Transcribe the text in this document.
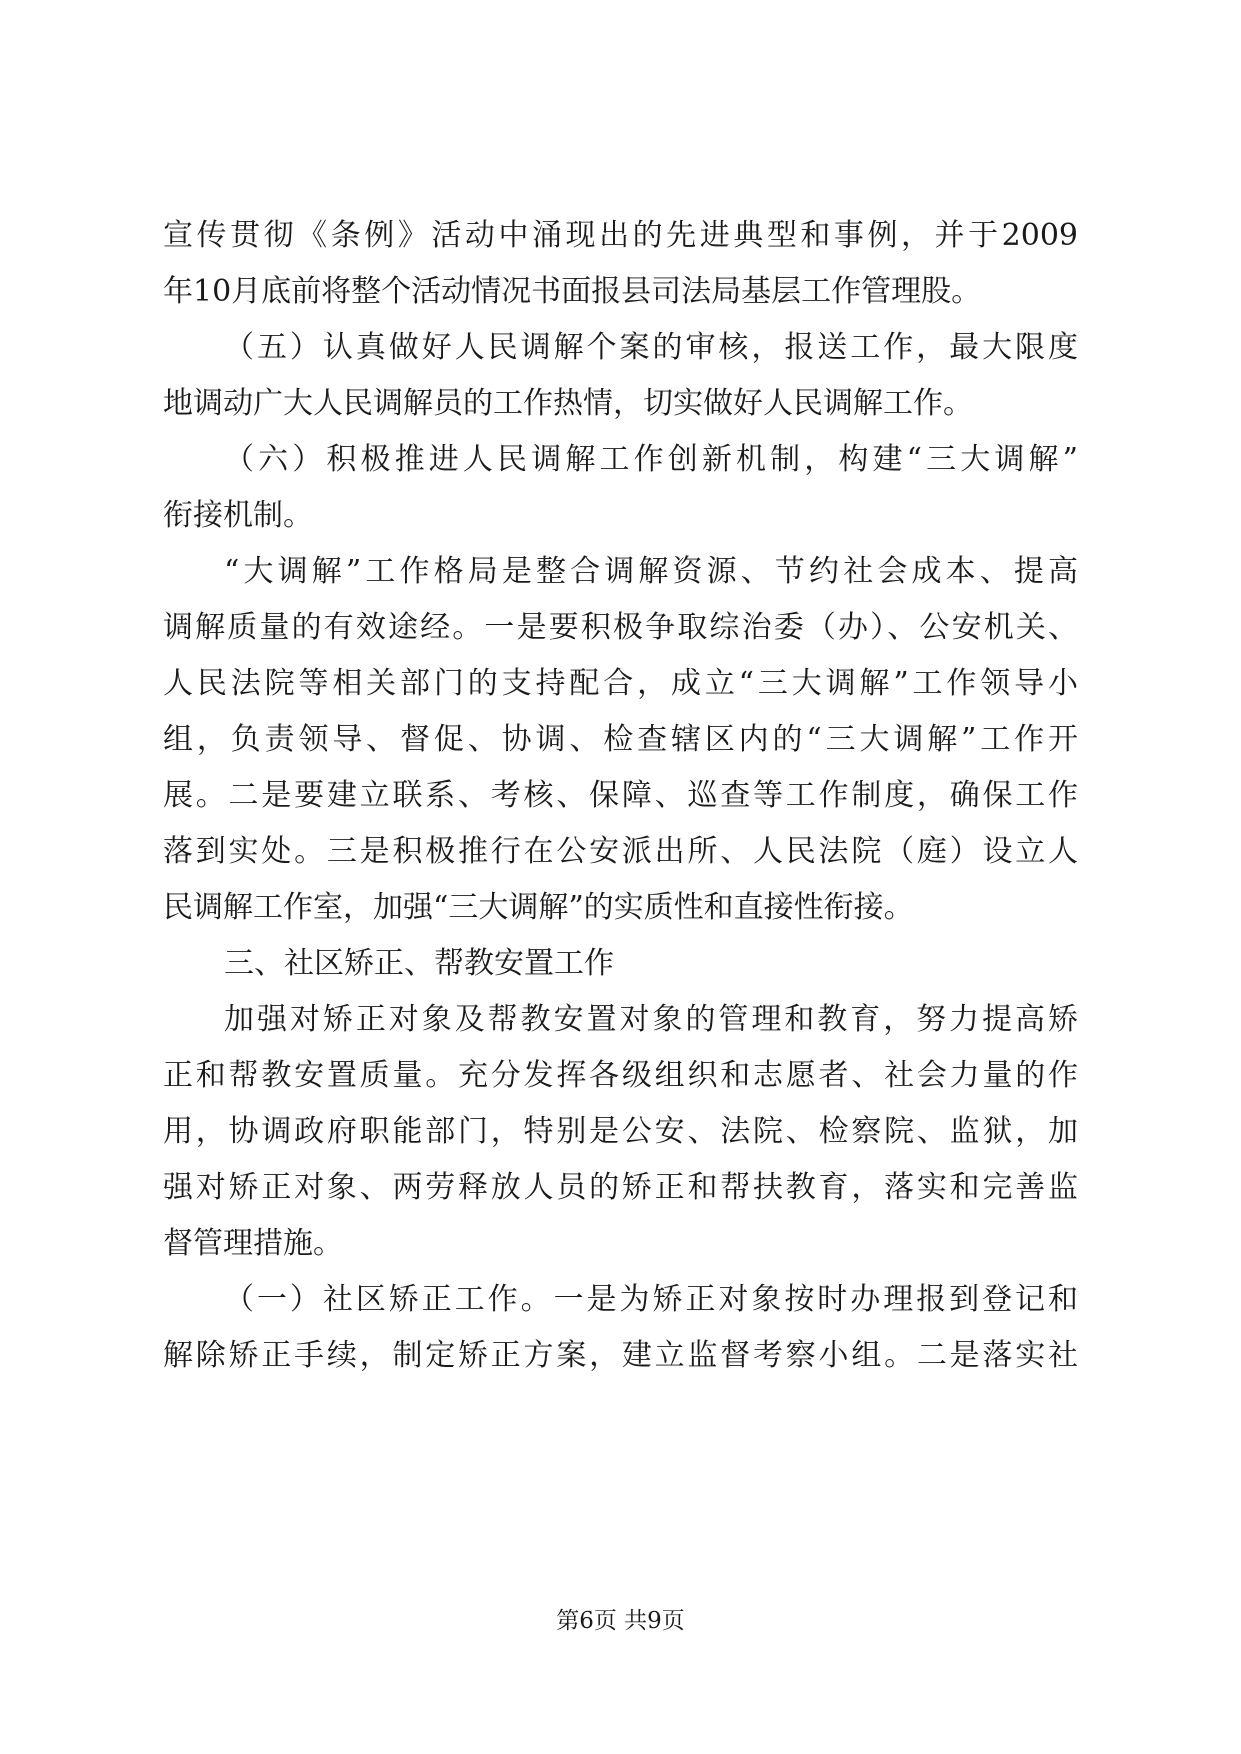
宣传贯彻《条例》活动中涌现出的先进典型和事例，并于2009
年10月底前将整个活动情况书面报县司法局基层工作管理股。
（五）认真做好人民调解个案的审核，报送工作，最大限度
地调动广大人民调解员的工作热情，切实做好人民调解工作。
（六）积极推进人民调解工作创新机制，构建“三大调解”
衔接机制。
“大调解”工作格局是整合调解资源、节约社会成本、提高
调解质量的有效途经。一是要积极争取综治委（办）、公安机关、
人民法院等相关部门的支持配合，成立“三大调解”工作领导小
组，负责领导、督促、协调、检查辖区内的“三大调解”工作开
展。二是要建立联系、考核、保障、巡查等工作制度，确保工作
落到实处。三是积极推行在公安派出所、人民法院（庭）设立人
民调解工作室，加强“三大调解”的实质性和直接性衔接。
三、社区矫正、帮教安置工作
加强对矫正对象及帮教安置对象的管理和教育，努力提高矫
正和帮教安置质量。充分发挥各级组织和志愿者、社会力量的作
用，协调政府职能部门，特别是公安、法院、检察院、监狱，加
强对矫正对象、两劳释放人员的矫正和帮扶教育，落实和完善监
督管理措施。
（一）社区矫正工作。一是为矫正对象按时办理报到登记和
解除矫正手续，制定矫正方案，建立监督考察小组。二是落实社
第6页 共9页
